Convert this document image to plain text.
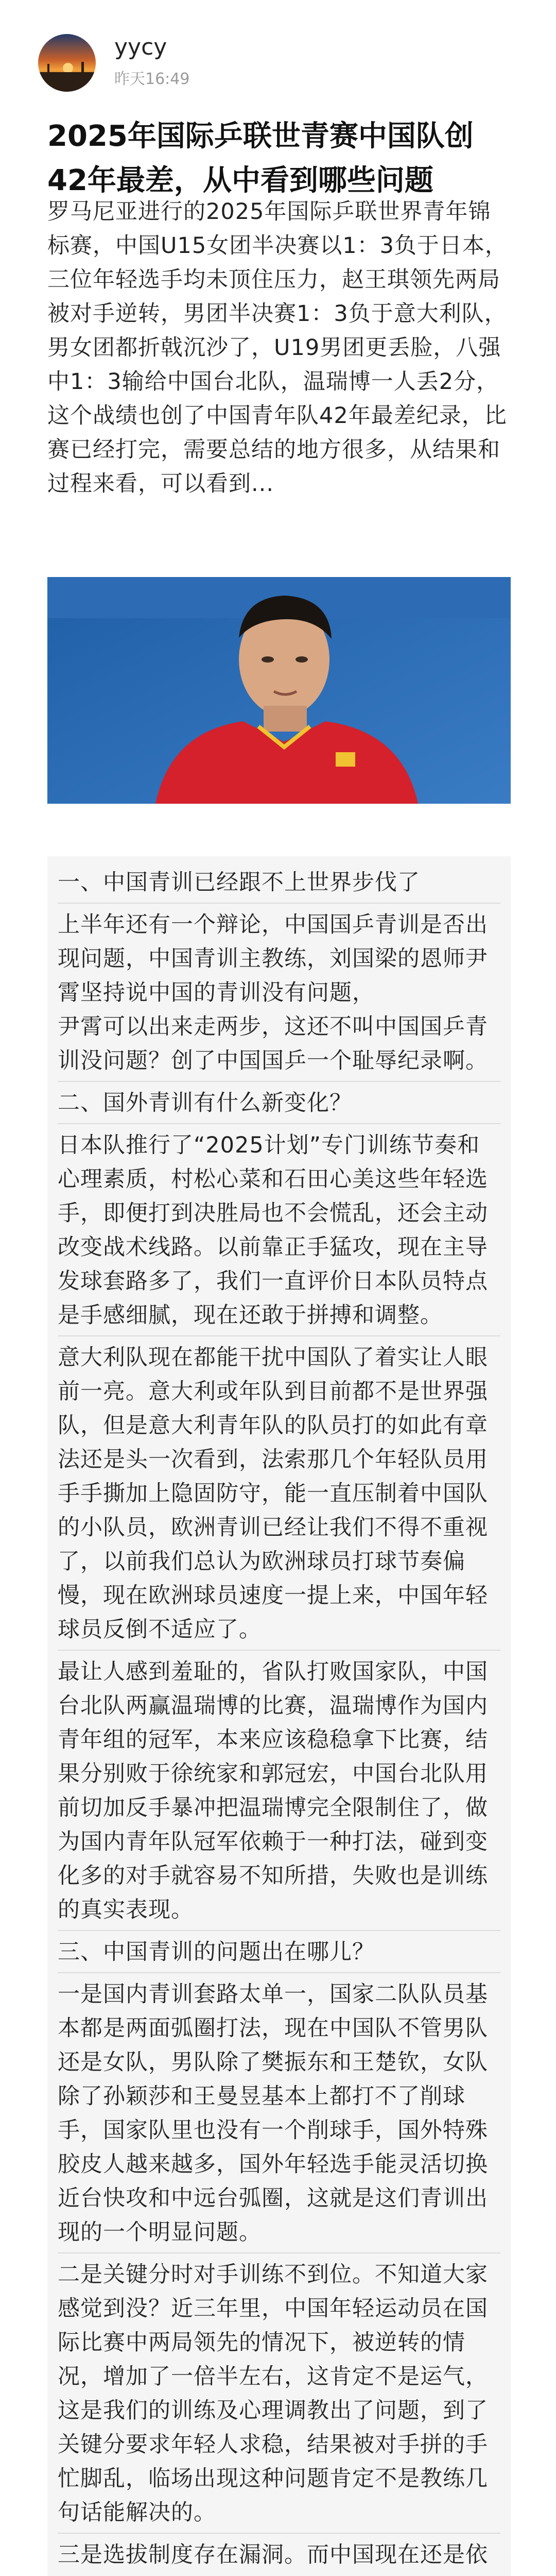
yycy
昨天16:49
2025年国际乒联世青赛中国队创42年最差，从中看到哪些问题
罗马尼亚进行的2025年国际乒联世界青年锦标赛，中国U15女团半决赛以1：3负于日本，三位年轻选手均未顶住压力，赵王琪领先两局被对手逆转，男团半决赛1：3负于意大利队，男女团都折戟沉沙了，U19男团更丢脸，八强中1：3输给中国台北队，温瑞博一人丢2分，这个战绩也创了中国青年队42年最差纪录，比赛已经打完，需要总结的地方很多，从结果和过程来看，可以看到...

一、中国青训已经跟不上世界步伐了

上半年还有一个辩论，中国国乒青训是否出现问题，中国青训主教练，刘国梁的恩师尹霄坚持说中国的青训没有问题，

尹霄可以出来走两步，这还不叫中国国乒青训没问题？创了中国国乒一个耻辱纪录啊。

二、国外青训有什么新变化？

日本队推行了“2025计划”专门训练节奏和心理素质，村松心菜和石田心美这些年轻选手，即便打到决胜局也不会慌乱，还会主动改变战术线路。以前靠正手猛攻，现在主导发球套路多了，我们一直评价日本队员特点是手感细腻，现在还敢于拼搏和调整。

意大利队现在都能干扰中国队了着实让人眼前一亮。意大利或年队到目前都不是世界强队，但是意大利青年队的队员打的如此有章法还是头一次看到，法索那几个年轻队员用手手撕加上隐固防守，能一直压制着中国队的小队员，欧洲青训已经让我们不得不重视了，以前我们总认为欧洲球员打球节奏偏慢，现在欧洲球员速度一提上来，中国年轻球员反倒不适应了。

最让人感到羞耻的，省队打败国家队，中国台北队两赢温瑞博的比赛，温瑞博作为国内青年组的冠军，本来应该稳稳拿下比赛，结果分别败于徐统家和郭冠宏，中国台北队用前切加反手暴冲把温瑞博完全限制住了，做为国内青年队冠军依赖于一种打法，碰到变化多的对手就容易不知所措，失败也是训练的真实表现。

三、中国青训的问题出在哪儿？

一是国内青训套路太单一，国家二队队员基本都是两面弧圈打法，现在中国队不管男队还是女队，男队除了樊振东和王楚钦，女队除了孙颖莎和王曼昱基本上都打不了削球手，国家队里也没有一个削球手，国外特殊胶皮人越来越多，国外年轻选手能灵活切换近台快攻和中远台弧圈，这就是这们青训出现的一个明显问题。

二是关键分时对手训练不到位。不知道大家感觉到没？近三年里，中国年轻运动员在国际比赛中两局领先的情况下，被逆转的情况，增加了一倍半左右，这肯定不是运气，这是我们的训练及心理调教出了问题，到了关键分要求年轻人求稳，结果被对手拼的手忙脚乱，临场出现这种问题肯定不是教练几句话能解决的。

三是选拔制度存在漏洞。而中国现在还是依
